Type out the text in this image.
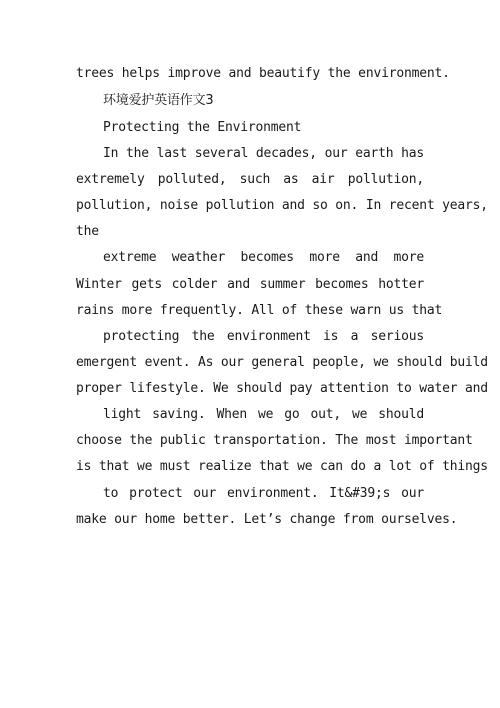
trees helps improve and beautify the environment.
环境爱护英语作文3
Protecting the Environment
In the last several decades, our earth has
extremely polluted, such as air pollution,
pollution, noise pollution and so on. In recent years,
the
extreme weather becomes more and more
Winter gets colder and summer becomes hotter
rains more frequently. All of these warn us that
protecting the environment is a serious
emergent event. As our general people, we should build
proper lifestyle. We should pay attention to water and
light saving. When we go out, we should
choose the public transportation. The most important
is that we must realize that we can do a lot of things
to protect our environment. It&#39;s our
make our home better. Let’s change from ourselves.
